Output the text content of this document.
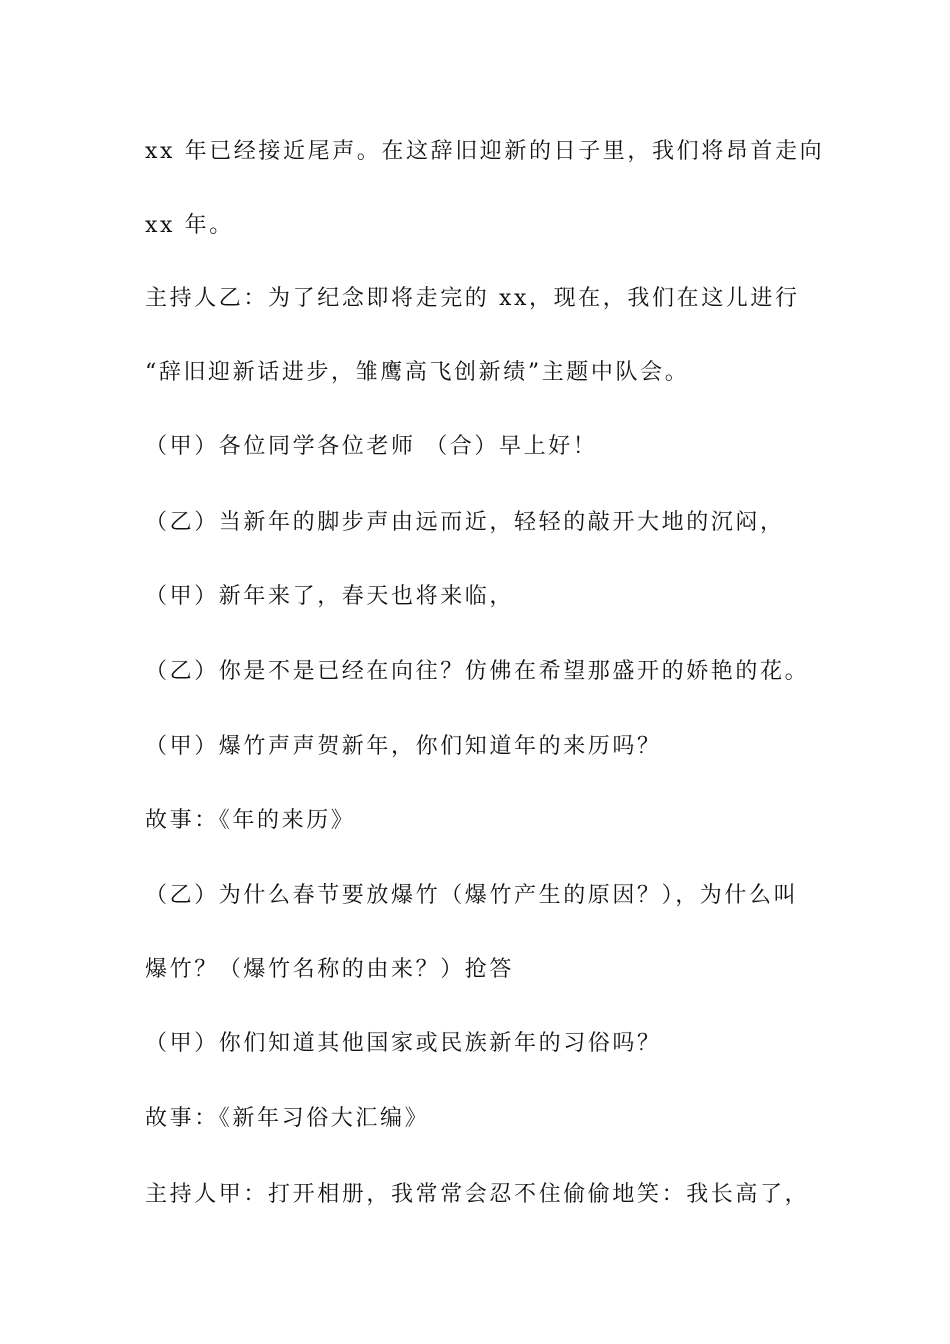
xx 年已经接近尾声。在这辞旧迎新的日子里，我们将昂首走向
xx 年。
主持人乙：为了纪念即将走完的 xx，现在，我们在这儿进行
“辞旧迎新话进步，雏鹰高飞创新绩”主题中队会。
（甲）各位同学各位老师 （合）早上好！
（乙）当新年的脚步声由远而近，轻轻的敲开大地的沉闷，
（甲）新年来了，春天也将来临，
（乙）你是不是已经在向往？仿佛在希望那盛开的娇艳的花。
（甲）爆竹声声贺新年，你们知道年的来历吗？
故事：《年的来历》
（乙）为什么春节要放爆竹（爆竹产生的原因？），为什么叫
爆竹？（爆竹名称的由来？）抢答
（甲）你们知道其他国家或民族新年的习俗吗？
故事：《新年习俗大汇编》
主持人甲：打开相册，我常常会忍不住偷偷地笑：我长高了，
